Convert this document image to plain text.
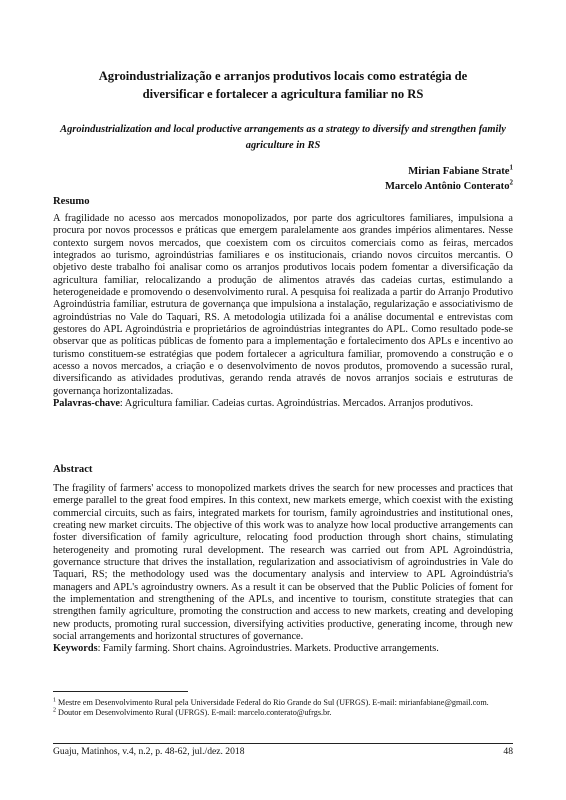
Agroindustrialização e arranjos produtivos locais como estratégia de diversificar e fortalecer a agricultura familiar no RS
Agroindustrialization and local productive arrangements as a strategy to diversify and strengthen family agriculture in RS
Mirian Fabiane Strate$^1$
Marcelo Antônio Conterato$^2$
Resumo
A fragilidade no acesso aos mercados monopolizados, por parte dos agricultores familiares, impulsiona a procura por novos processos e práticas que emergem paralelamente aos grandes impérios alimentares. Nesse contexto surgem novos mercados, que coexistem com os circuitos comerciais como as feiras, mercados integrados ao turismo, agroindústrias familiares e os institucionais, criando novos circuitos mercantis. O objetivo deste trabalho foi analisar como os arranjos produtivos locais podem fomentar a diversificação da agricultura familiar, relocalizando a produção de alimentos através das cadeias curtas, estimulando a heterogeneidade e promovendo o desenvolvimento rural. A pesquisa foi realizada a partir do Arranjo Produtivo Agroindústria familiar, estrutura de governança que impulsiona a instalação, regularização e associativismo de agroindústrias no Vale do Taquari, RS. A metodologia utilizada foi a análise documental e entrevistas com gestores do APL Agroindústria e proprietários de agroindústrias integrantes do APL. Como resultado pode-se observar que as políticas públicas de fomento para a implementação e fortalecimento dos APLs e incentivo ao turismo constituem-se estratégias que podem fortalecer a agricultura familiar, promovendo a construção e o acesso a novos mercados, a criação e o desenvolvimento de novos produtos, promovendo a sucessão rural, diversificando as atividades produtivas, gerando renda através de novos arranjos sociais e estruturas de governança horizontalizadas.
Palavras-chave: Agricultura familiar. Cadeias curtas. Agroindústrias. Mercados. Arranjos produtivos.
Abstract
The fragility of farmers' access to monopolized markets drives the search for new processes and practices that emerge parallel to the great food empires. In this context, new markets emerge, which coexist with the existing commercial circuits, such as fairs, integrated markets for tourism, family agroindustries and institutional ones, creating new market circuits. The objective of this work was to analyze how local productive arrangements can foster diversification of family agriculture, relocating food production through short chains, stimulating heterogeneity and promoting rural development. The research was carried out from APL Agroindústria, governance structure that drives the installation, regularization and associativism of agroindustries in Vale do Taquari, RS; the methodology used was the documentary analysis and interview to APL Agroindústria's managers and APL's agroindustry owners. As a result it can be observed that the Public Policies of foment for the implementation and strengthening of the APLs, and incentive to tourism, constitute strategies that can strengthen family agriculture, promoting the construction and access to new markets, creating and developing new products, promoting rural succession, diversifying activities productive, generating income, through new social arrangements and horizontal structures of governance.
Keywords: Family farming. Short chains. Agroindustries. Markets. Productive arrangements.
$^1$ Mestre em Desenvolvimento Rural pela Universidade Federal do Rio Grande do Sul (UFRGS). E-mail: mirianfabiane@gmail.com.
$^2$ Doutor em Desenvolvimento Rural (UFRGS). E-mail: marcelo.conterato@ufrgs.br.
Guaju, Matinhos, v.4, n.2, p. 48-62, jul./dez. 2018	48
